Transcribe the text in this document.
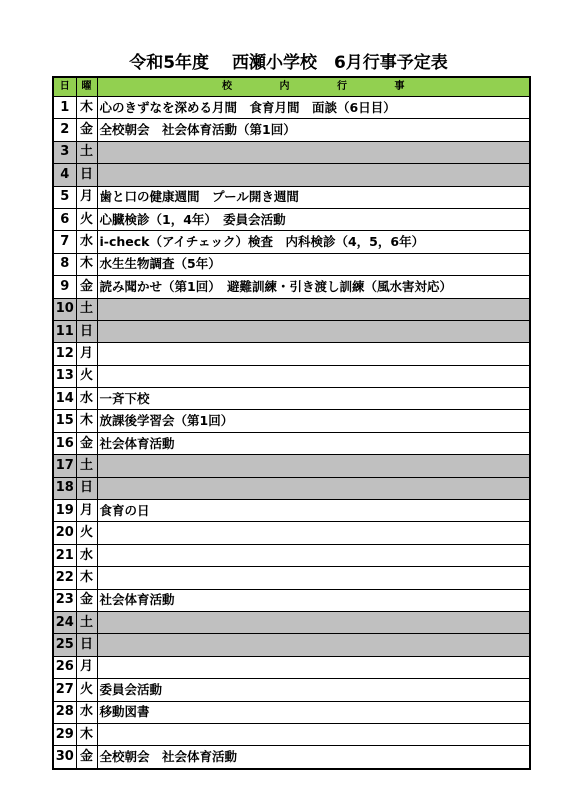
令和5年度　 西瀬小学校　6月行事予定表
日	曜	校 内 行 事
1	木	心のきずなを深める月間　食育月間　面談（6日目）
2	金	全校朝会　社会体育活動（第1回）
3	土	
4	日	
5	月	歯と口の健康週間　プール開き週間
6	火	心臓検診（1，4年）　委員会活動
7	水	i-check（アイチェック）検査　内科検診（4，5，6年）
8	木	水生生物調査（5年）
9	金	読み聞かせ（第1回）　避難訓練・引き渡し訓練（風水害対応）
10	土	
11	日	
12	月	
13	火	
14	水	一斉下校
15	木	放課後学習会（第1回）
16	金	社会体育活動
17	土	
18	日	
19	月	食育の日
20	火	
21	水	
22	木	
23	金	社会体育活動
24	土	
25	日	
26	月	
27	火	委員会活動
28	水	移動図書
29	木	
30	金	全校朝会　社会体育活動
